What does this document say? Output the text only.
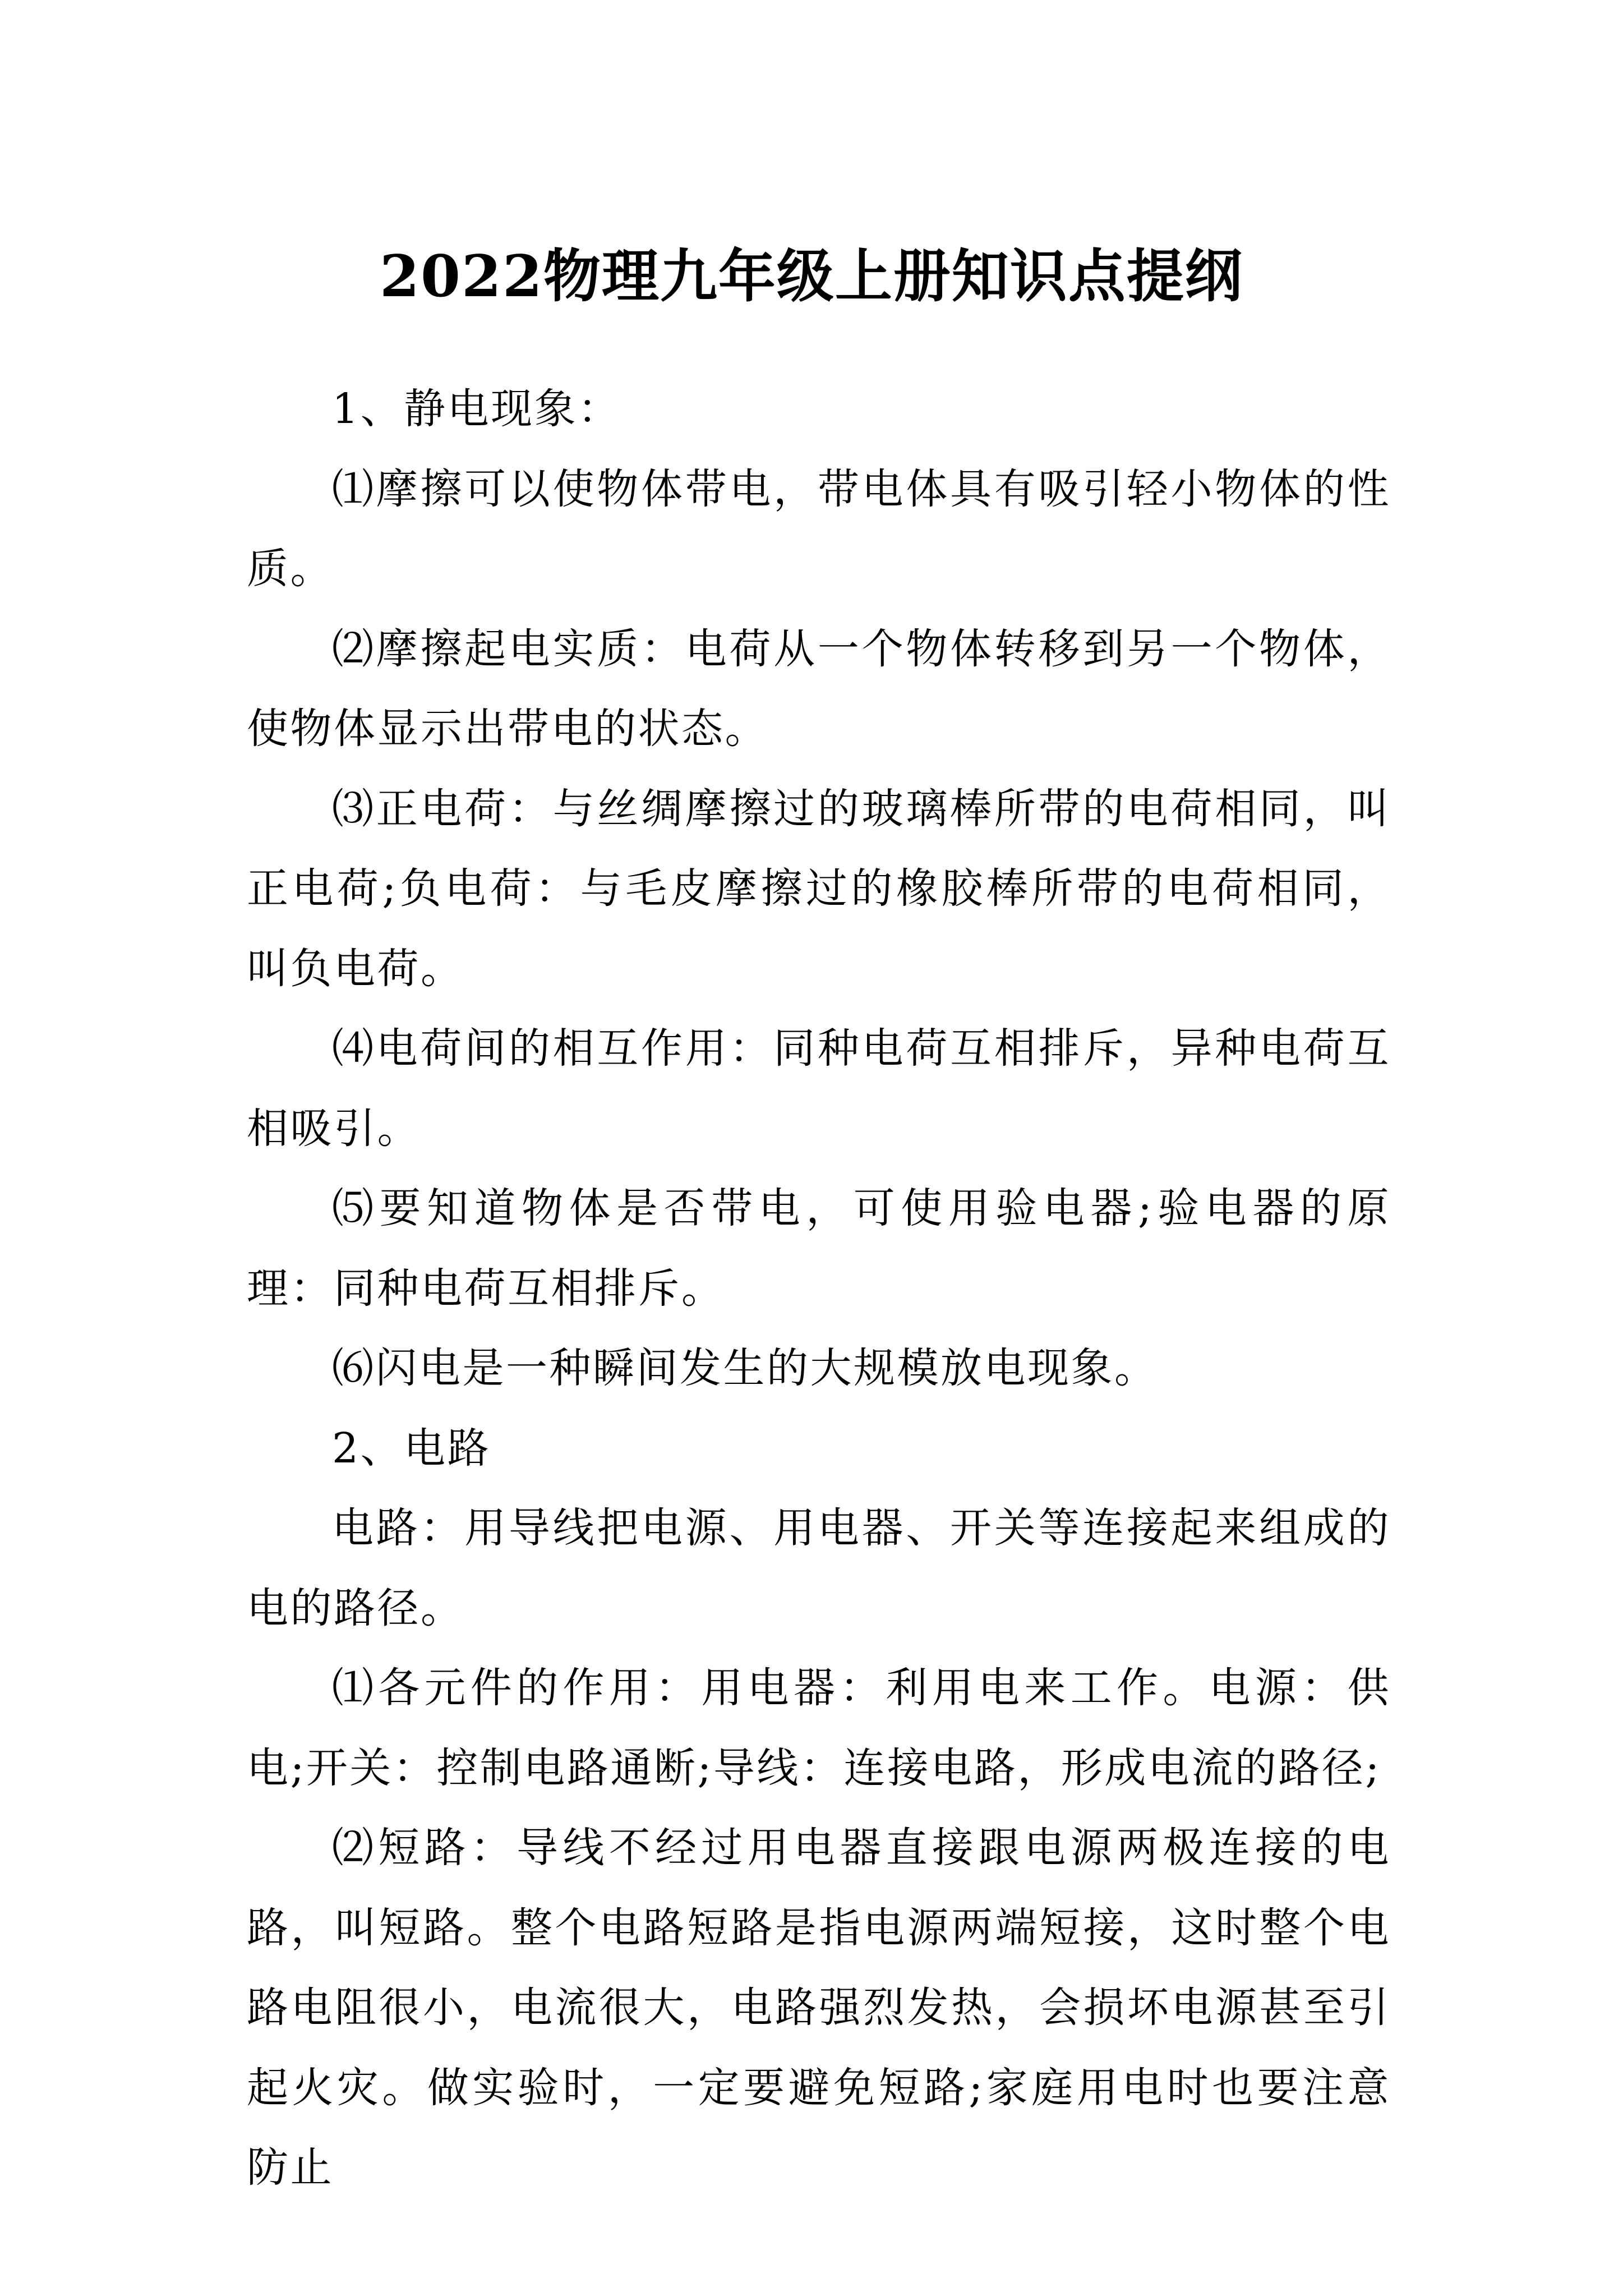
2022物理九年级上册知识点提纲

1、静电现象：

⑴摩擦可以使物体带电，带电体具有吸引轻小物体的性质。

⑵摩擦起电实质：电荷从一个物体转移到另一个物体，使物体显示出带电的状态。

⑶正电荷：与丝绸摩擦过的玻璃棒所带的电荷相同，叫正电荷;负电荷：与毛皮摩擦过的橡胶棒所带的电荷相同，叫负电荷。

⑷电荷间的相互作用：同种电荷互相排斥，异种电荷互相吸引。

⑸要知道物体是否带电，可使用验电器;验电器的原理：同种电荷互相排斥。

⑹闪电是一种瞬间发生的大规模放电现象。

2、电路

电路：用导线把电源、用电器、开关等连接起来组成的电的路径。

⑴各元件的作用：用电器：利用电来工作。电源：供电;开关：控制电路通断;导线：连接电路，形成电流的路径;

⑵短路：导线不经过用电器直接跟电源两极连接的电路，叫短路。整个电路短路是指电源两端短接，这时整个电路电阻很小，电流很大，电路强烈发热，会损坏电源甚至引起火灾。做实验时，一定要避免短路;家庭用电时也要注意防止
